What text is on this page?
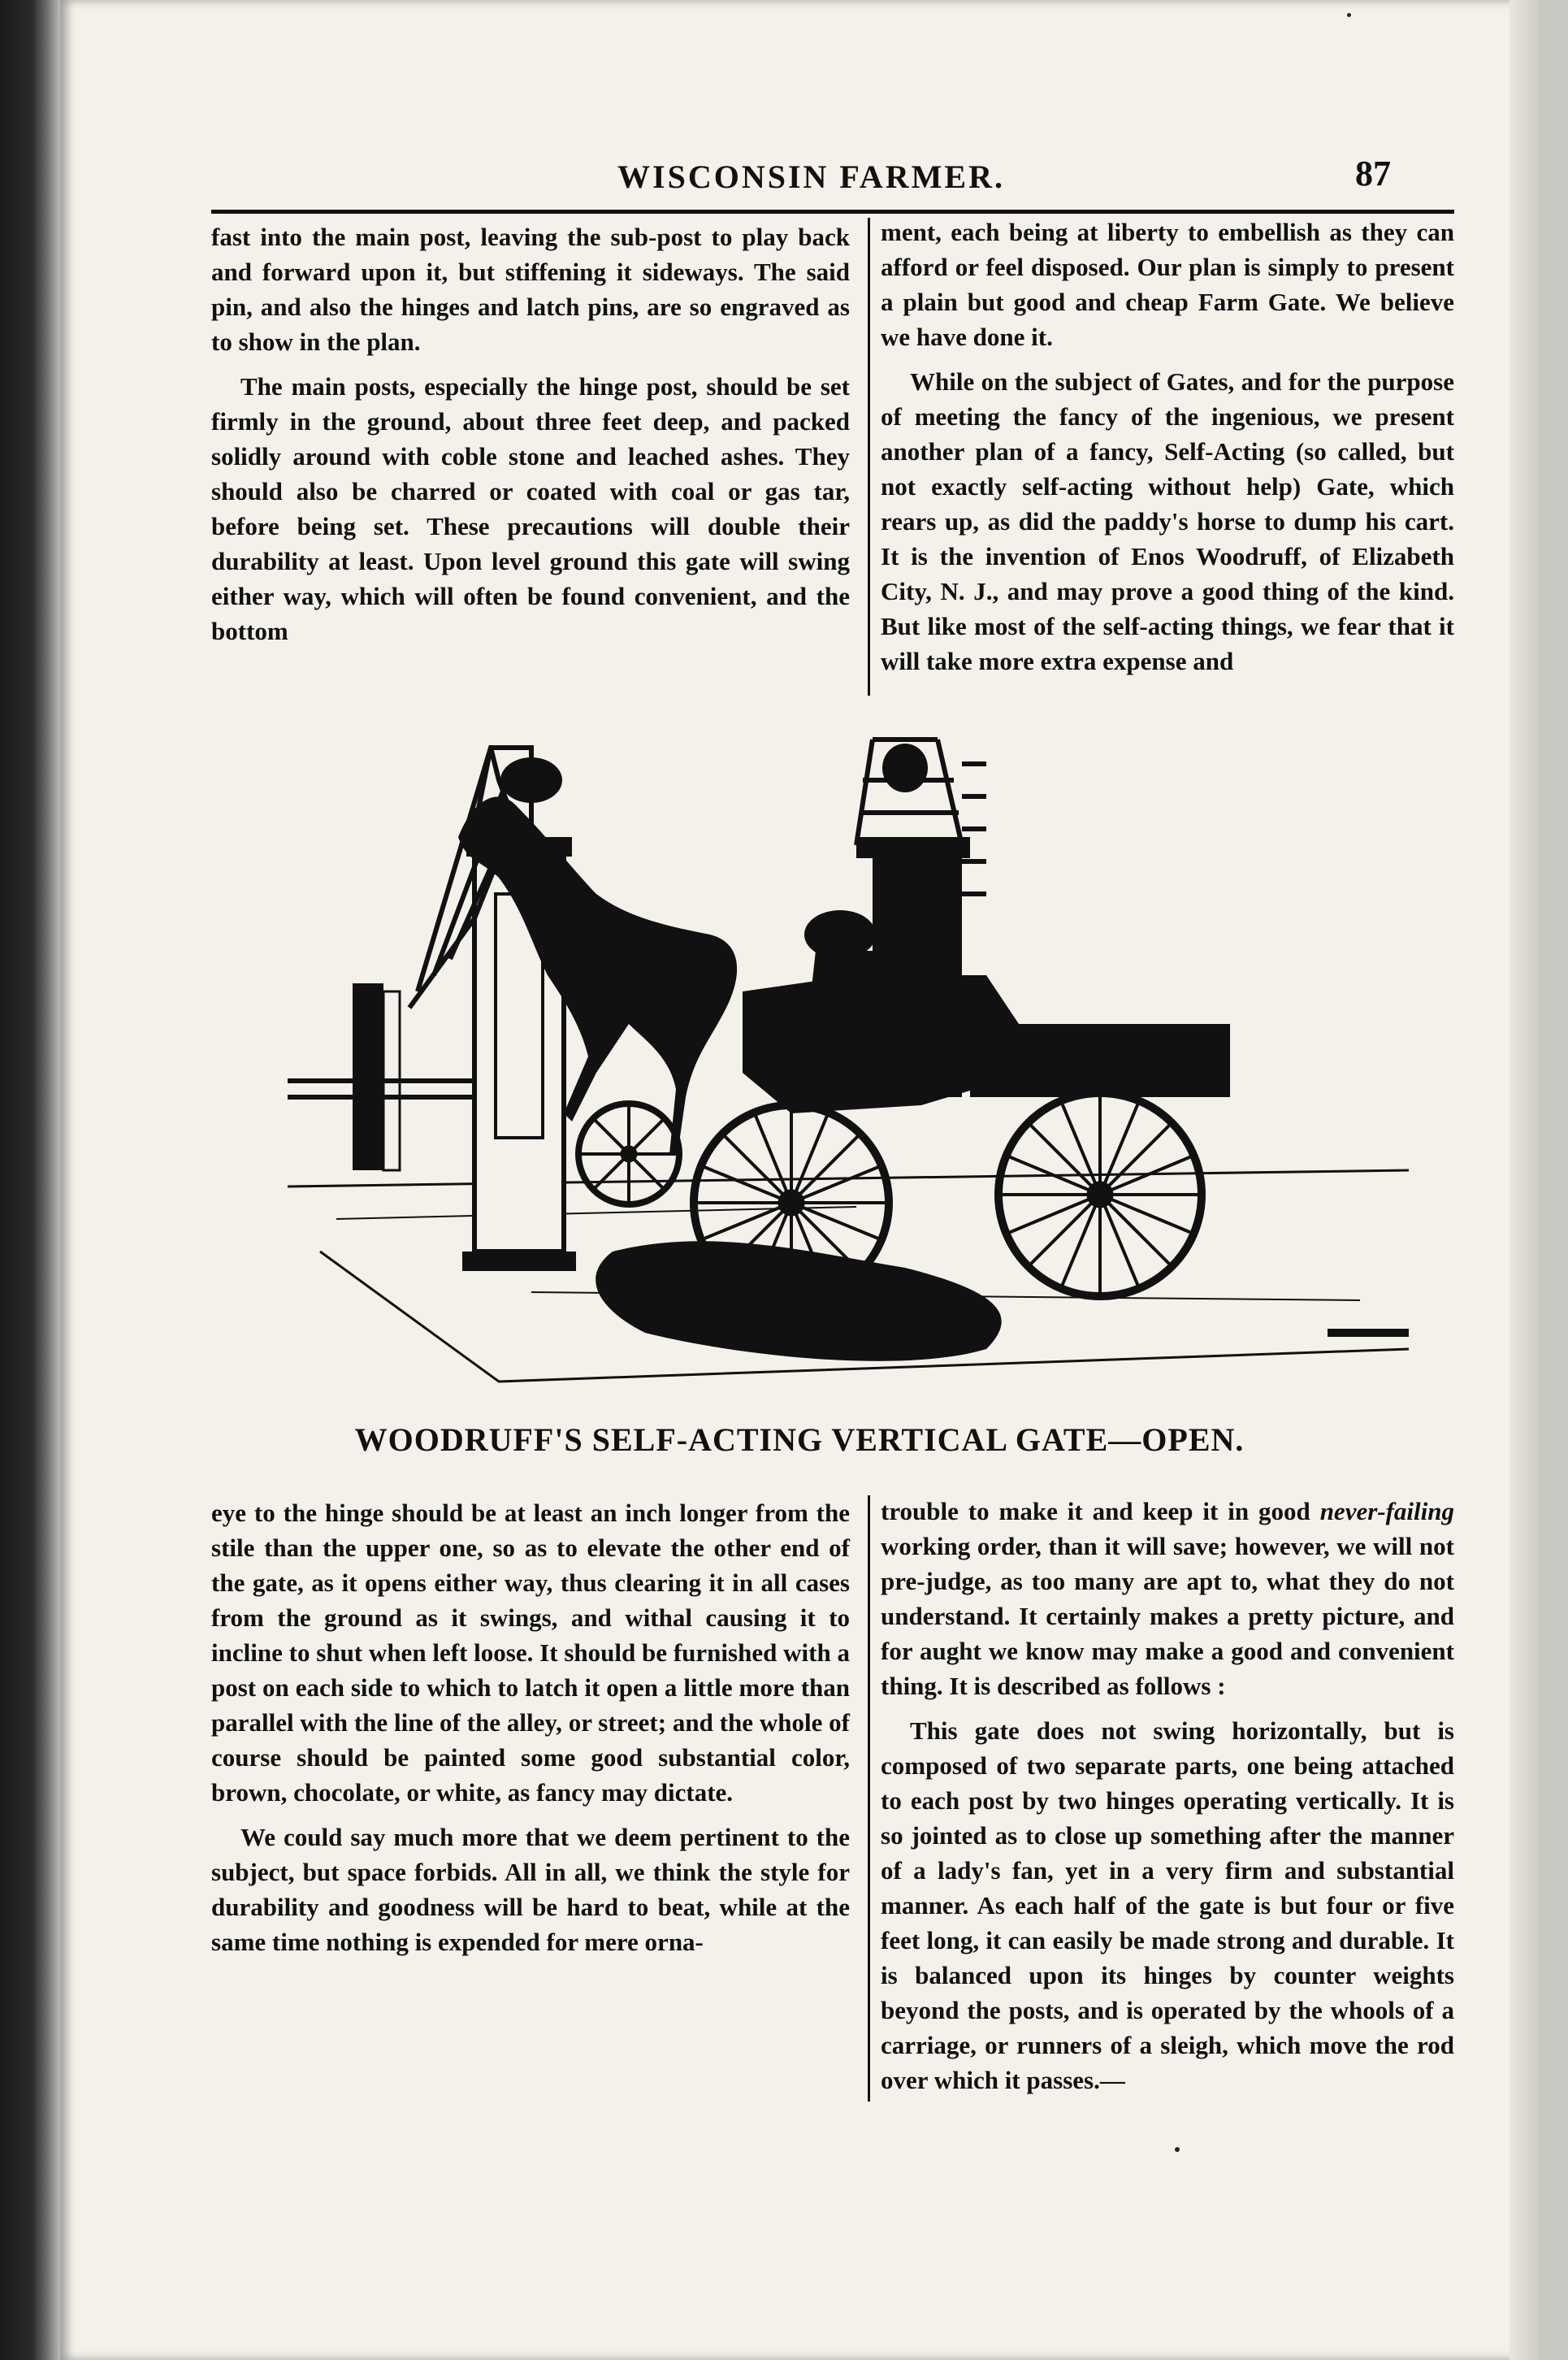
WISCONSIN FARMER.	87

fast into the main post, leaving the sub-post to play back and forward upon it, but stiffening it sideways. The said pin, and also the hinges and latch pins, are so engraved as to show in the plan.

The main posts, especially the hinge post, should be set firmly in the ground, about three feet deep, and packed solidly around with coble stone and leached ashes. They should also be charred or coated with coal or gas tar, before being set. These precautions will double their durability at least. Upon level ground this gate will swing either way, which will often be found convenient, and the bottom

ment, each being at liberty to embellish as they can afford or feel disposed. Our plan is simply to present a plain but good and cheap Farm Gate. We believe we have done it.

While on the subject of Gates, and for the purpose of meeting the fancy of the ingenious, we present another plan of a fancy, Self-Acting (so called, but not exactly self-acting without help) Gate, which rears up, as did the paddy's horse to dump his cart. It is the invention of Enos Woodruff, of Elizabeth City, N. J., and may prove a good thing of the kind. But like most of the self-acting things, we fear that it will take more extra expense and

WOODRUFF'S SELF-ACTING VERTICAL GATE—OPEN.

eye to the hinge should be at least an inch longer from the stile than the upper one, so as to elevate the other end of the gate, as it opens either way, thus clearing it in all cases from the ground as it swings, and withal causing it to incline to shut when left loose. It should be furnished with a post on each side to which to latch it open a little more than parallel with the line of the alley, or street; and the whole of course should be painted some good substantial color, brown, chocolate, or white, as fancy may dictate.

We could say much more that we deem pertinent to the subject, but space forbids. All in all, we think the style for durability and goodness will be hard to beat, while at the same time nothing is expended for mere orna-

trouble to make it and keep it in good never-failing working order, than it will save; however, we will not pre-judge, as too many are apt to, what they do not understand. It certainly makes a pretty picture, and for aught we know may make a good and convenient thing. It is described as follows :

This gate does not swing horizontally, but is composed of two separate parts, one being attached to each post by two hinges operating vertically. It is so jointed as to close up something after the manner of a lady's fan, yet in a very firm and substantial manner. As each half of the gate is but four or five feet long, it can easily be made strong and durable. It is balanced upon its hinges by counter weights beyond the posts, and is operated by the whools of a carriage, or runners of a sleigh, which move the rod over which it passes.—
